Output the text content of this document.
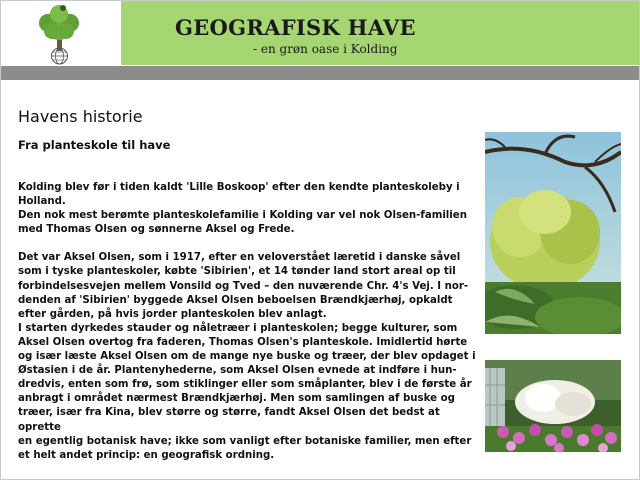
GEOGRAFISK HAVE
- en grøn oase i Kolding
Havens historie
Fra planteskole til have

Kolding blev før i tiden kaldt 'Lille Boskoop' efter den kendte planteskoleby i
Holland.
Den nok mest berømte planteskolefamilie i Kolding var vel nok Olsen-familien
med Thomas Olsen og sønnerne Aksel og Frede.

Det var Aksel Olsen, som i 1917, efter en veloverstået læretid i danske såvel
som i tyske planteskoler, købte 'Sibirien', et 14 tønder land stort areal op til
forbindelsesvejen mellem Vonsild og Tved – den nuværende Chr. 4's Vej. I nor-
denden af 'Sibirien' byggede Aksel Olsen beboelsen Brændkjærhøj, opkaldt
efter gården, på hvis jorder planteskolen blev anlagt.
I starten dyrkedes stauder og nåletræer i planteskolen; begge kulturer, som
Aksel Olsen overtog fra faderen, Thomas Olsen's planteskole. Imidlertid hørte
og især læste Aksel Olsen om de mange nye buske og træer, der blev opdaget i
Østasien i de år. Plantenyhederne, som Aksel Olsen evnede at indføre i hun-
dredvis, enten som frø, som stiklinger eller som småplanter, blev i de første år
anbragt i området nærmest Brændkjærhøj. Men som samlingen af buske og
træer, især fra Kina, blev større og større, fandt Aksel Olsen det bedst at oprette
en egentlig botanisk have; ikke som vanligt efter botaniske familier, men efter
et helt andet princip: en geografisk ordning.
